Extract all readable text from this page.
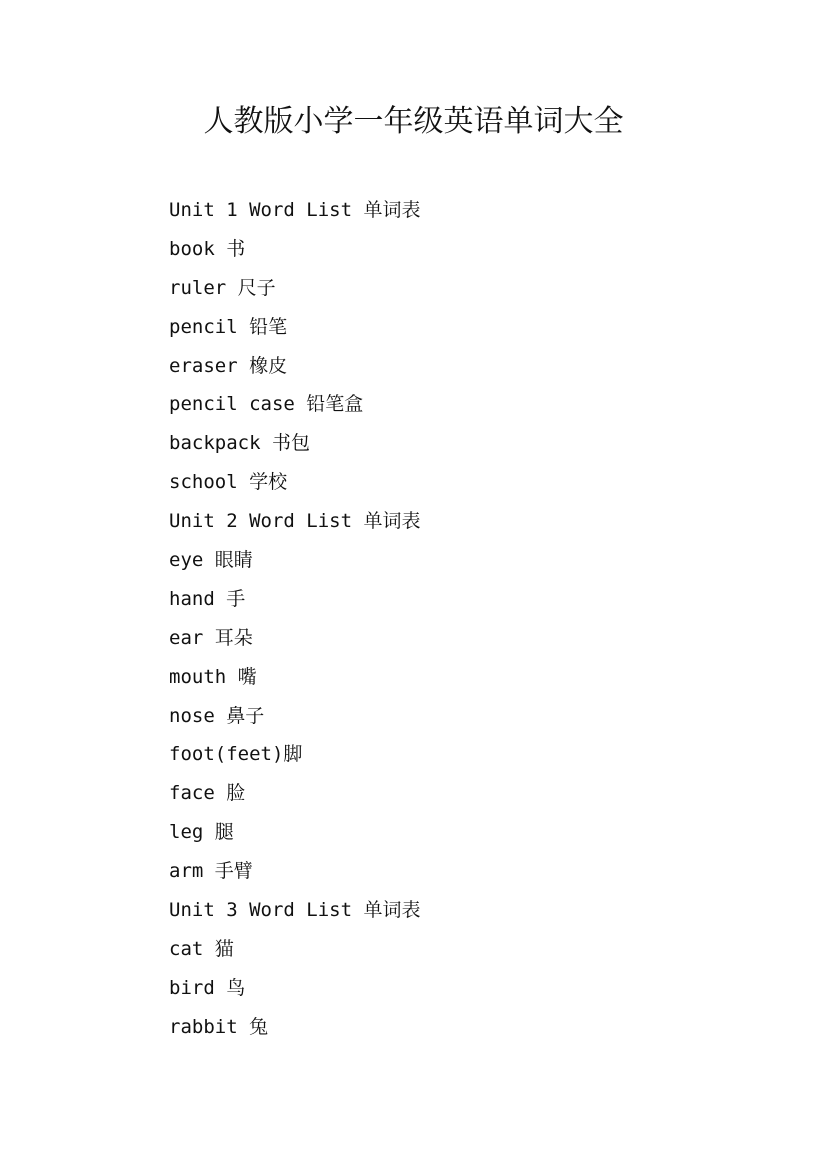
人教版小学一年级英语单词大全
Unit 1 Word List 单词表
book 书
ruler 尺子
pencil 铅笔
eraser 橡皮
pencil case 铅笔盒
backpack 书包
school 学校
Unit 2 Word List 单词表
eye 眼睛
hand 手
ear 耳朵
mouth 嘴
nose 鼻子
foot(feet)脚
face 脸
leg 腿
arm 手臂
Unit 3 Word List 单词表
cat 猫
bird 鸟
rabbit 兔
